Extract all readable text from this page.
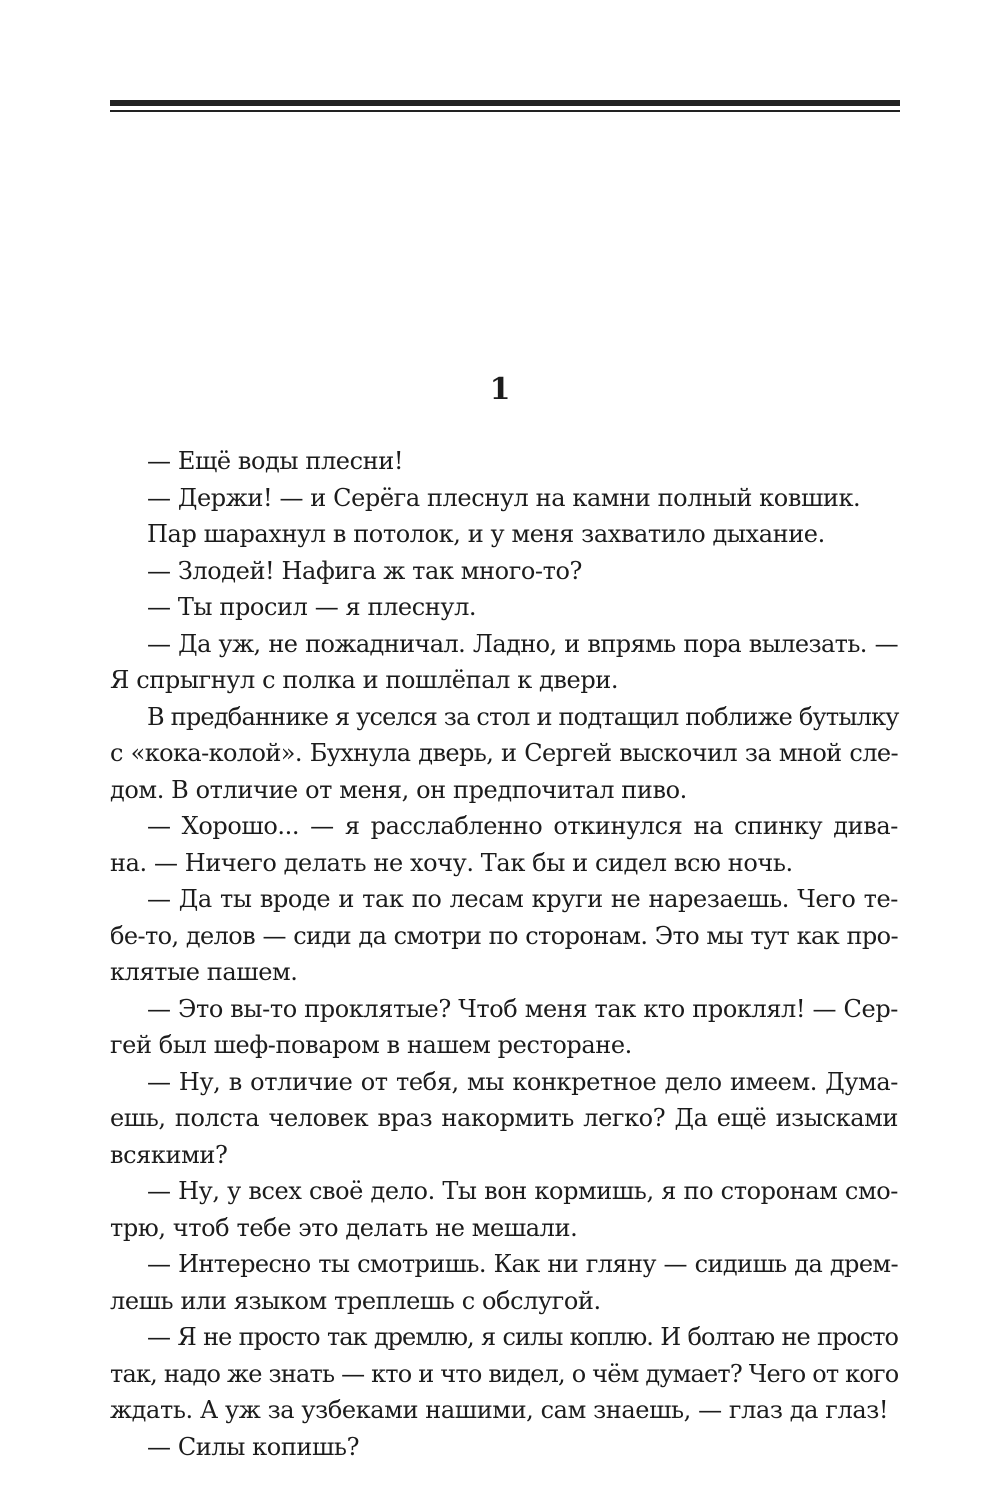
1
— Ещё воды плесни!
— Держи! — и Серёга плеснул на камни полный ковшик.
Пар шарахнул в потолок, и у меня захватило дыхание.
— Злодей! Нафига ж так много-то?
— Ты просил — я плеснул.
— Да уж, не пожадничал. Ладно, и впрямь пора вылезать. —
Я спрыгнул с полка и пошлёпал к двери.
В предбаннике я уселся за стол и подтащил поближе бутылку
с «кока-колой». Бухнула дверь, и Сергей выскочил за мной сле-
дом. В отличие от меня, он предпочитал пиво.
— Хорошо... — я расслабленно откинулся на спинку дива-
на. — Ничего делать не хочу. Так бы и сидел всю ночь.
— Да ты вроде и так по лесам круги не нарезаешь. Чего те-
бе-то, делов — сиди да смотри по сторонам. Это мы тут как про-
клятые пашем.
— Это вы-то проклятые? Чтоб меня так кто проклял! — Сер-
гей был шеф-поваром в нашем ресторане.
— Ну, в отличие от тебя, мы конкретное дело имеем. Дума-
ешь, полста человек враз накормить легко? Да ещё изысками
всякими?
— Ну, у всех своё дело. Ты вон кормишь, я по сторонам смо-
трю, чтоб тебе это делать не мешали.
— Интересно ты смотришь. Как ни гляну — сидишь да дрем-
лешь или языком треплешь с обслугой.
— Я не просто так дремлю, я силы коплю. И болтаю не просто
так, надо же знать — кто и что видел, о чём думает? Чего от кого
ждать. А уж за узбеками нашими, сам знаешь, — глаз да глаз!
— Силы копишь?
